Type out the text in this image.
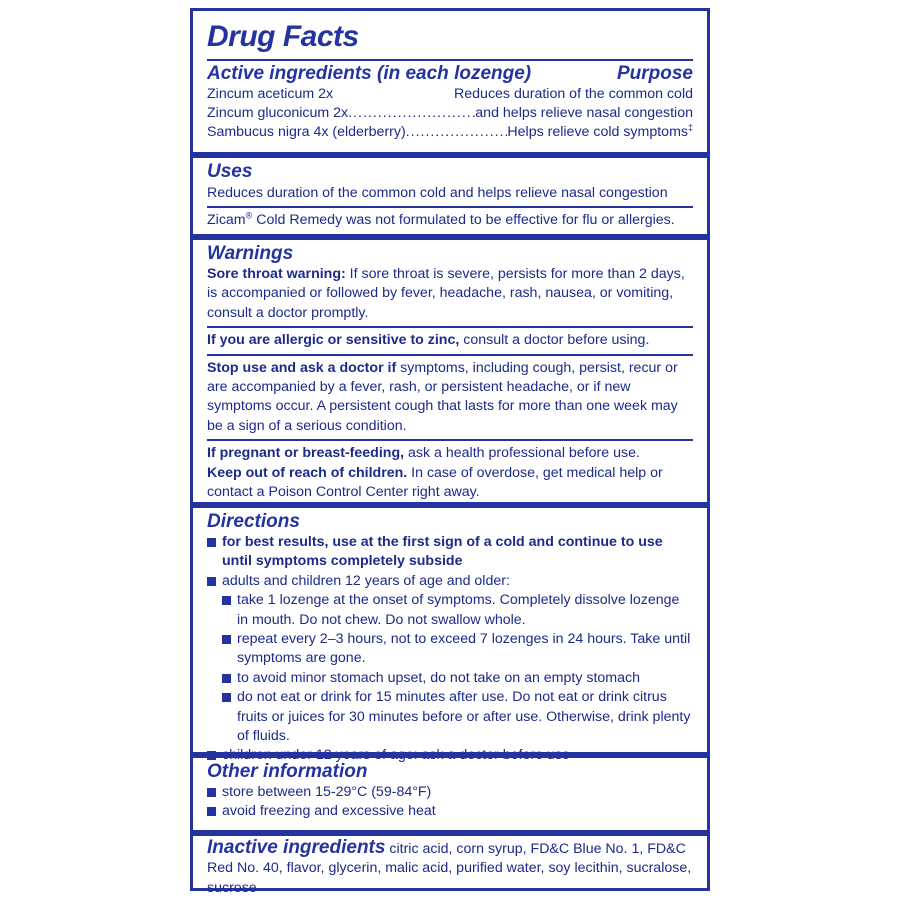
Drug Facts
Active ingredients (in each lozenge)	Purpose
Zincum aceticum 2x	Reduces duration of the common cold
Zincum gluconicum 2x .....	and helps relieve nasal congestion
Sambucus nigra 4x (elderberry) .....	Helps relieve cold symptoms‡
Uses
Reduces duration of the common cold and helps relieve nasal congestion
Zicam® Cold Remedy was not formulated to be effective for flu or allergies.
Warnings
Sore throat warning: If sore throat is severe, persists for more than 2 days, is accompanied or followed by fever, headache, rash, nausea, or vomiting, consult a doctor promptly.
If you are allergic or sensitive to zinc, consult a doctor before using.
Stop use and ask a doctor if symptoms, including cough, persist, recur or are accompanied by a fever, rash, or persistent headache, or if new symptoms occur. A persistent cough that lasts for more than one week may be a sign of a serious condition.
If pregnant or breast-feeding, ask a health professional before use.
Keep out of reach of children. In case of overdose, get medical help or contact a Poison Control Center right away.
Directions
for best results, use at the first sign of a cold and continue to use until symptoms completely subside
adults and children 12 years of age and older:
take 1 lozenge at the onset of symptoms. Completely dissolve lozenge in mouth. Do not chew. Do not swallow whole.
repeat every 2–3 hours, not to exceed 7 lozenges in 24 hours. Take until symptoms are gone.
to avoid minor stomach upset, do not take on an empty stomach
do not eat or drink for 15 minutes after use. Do not eat or drink citrus fruits or juices for 30 minutes before or after use. Otherwise, drink plenty of fluids.
Other information
store between 15-29°C (59-84°F)
avoid freezing and excessive heat
Inactive ingredients citric acid, corn syrup, FD&C Blue No. 1, FD&C Red No. 40, flavor, glycerin, malic acid, purified water, soy lecithin, sucralose, sucrose
